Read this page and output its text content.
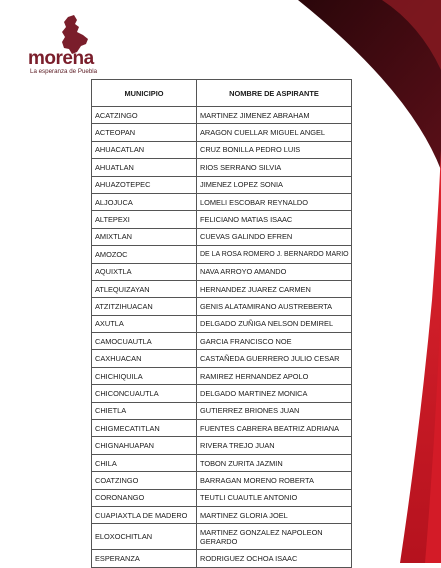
morena
La esperanza de Puebla
MUNICIPIO	NOMBRE DE ASPIRANTE
ACATZINGO	MARTINEZ JIMENEZ ABRAHAM
ACTEOPAN	ARAGON CUELLAR MIGUEL ANGEL
AHUACATLAN	CRUZ BONILLA PEDRO LUIS
AHUATLAN	RIOS SERRANO SILVIA
AHUAZOTEPEC	JIMENEZ LOPEZ SONIA
ALJOJUCA	LOMELI ESCOBAR REYNALDO
ALTEPEXI	FELICIANO MATIAS ISAAC
AMIXTLAN	CUEVAS GALINDO EFREN
AMOZOC	DE LA ROSA ROMERO J. BERNARDO MARIO
AQUIXTLA	NAVA ARROYO AMANDO
ATLEQUIZAYAN	HERNANDEZ JUAREZ CARMEN
ATZITZIHUACAN	GENIS ALATAMIRANO AUSTREBERTA
AXUTLA	DELGADO ZUÑIGA NELSON DEMIREL
CAMOCUAUTLA	GARCIA FRANCISCO NOE
CAXHUACAN	CASTAÑEDA GUERRERO JULIO CESAR
CHICHIQUILA	RAMIREZ HERNANDEZ APOLO
CHICONCUAUTLA	DELGADO MARTINEZ MONICA
CHIETLA	GUTIERREZ BRIONES JUAN
CHIGMECATITLAN	FUENTES CABRERA BEATRIZ ADRIANA
CHIGNAHUAPAN	RIVERA TREJO JUAN
CHILA	TOBON ZURITA JAZMIN
COATZINGO	BARRAGAN MORENO ROBERTA
CORONANGO	TEUTLI CUAUTLE ANTONIO
CUAPIAXTLA DE MADERO	MARTINEZ GLORIA JOEL
ELOXOCHITLAN	MARTINEZ GONZALEZ NAPOLEON GERARDO
ESPERANZA	RODRIGUEZ OCHOA ISAAC
